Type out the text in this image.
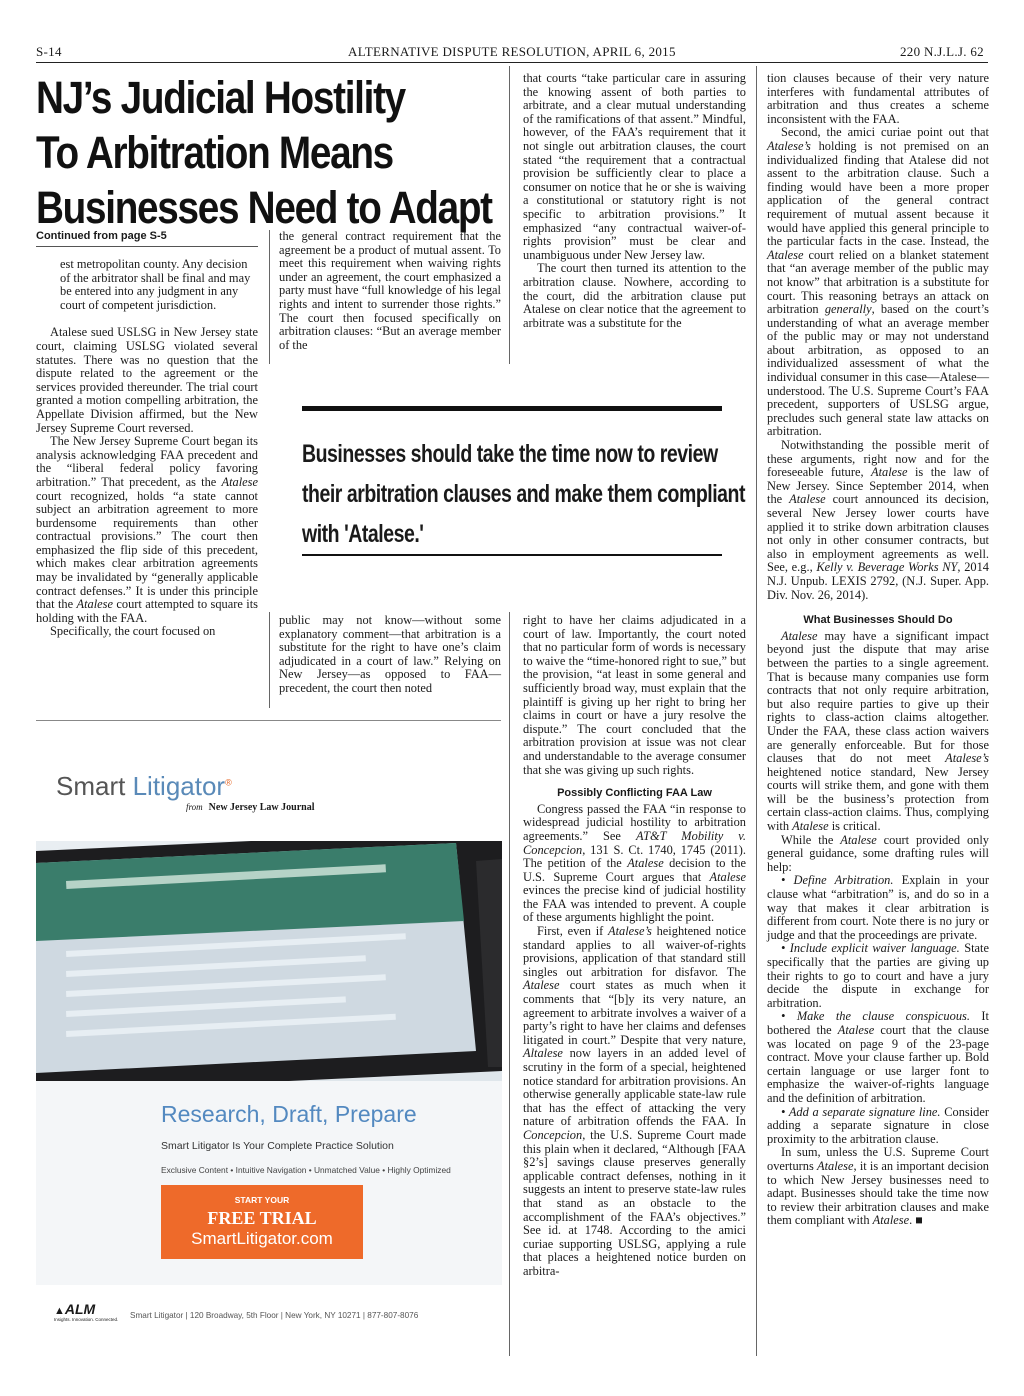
S-14	ALTERNATIVE DISPUTE RESOLUTION, APRIL 6, 2015	220 N.J.L.J. 62
NJ’s Judicial Hostility
To Arbitration Means
Businesses Need to Adapt
Continued from page S-5

est metropolitan county. Any decision of the arbitrator shall be final and may be entered into any judgment in any court of competent jurisdiction.

Atalese sued USLSG in New Jersey state court, claiming USLSG violated several statutes. There was no question that the dispute related to the agreement or the services provided thereunder. The trial court granted a motion compelling arbitration, the Appellate Division affirmed, but the New Jersey Supreme Court reversed.

The New Jersey Supreme Court began its analysis acknowledging FAA precedent and the “liberal federal policy favoring arbitration.” That precedent, as the Atalese court recognized, holds “a state cannot subject an arbitration agreement to more burdensome requirements than other contractual provisions.” The court then emphasized the flip side of this precedent, which makes clear arbitration agreements may be invalidated by “generally applicable contract defenses.” It is under this principle that the Atalese court attempted to square its holding with the FAA.

Specifically, the court focused on

the general contract requirement that the agreement be a product of mutual assent. To meet this requirement when waiving rights under an agreement, the court emphasized a party must have “full knowledge of his legal rights and intent to surrender those rights.” The court then focused specifically on arbitration clauses: “But an average member of the
public may not know—without some explanatory comment—that arbitration is a substitute for the right to have one’s claim adjudicated in a court of law.” Relying on New Jersey—as opposed to FAA—precedent, the court then noted

that courts “take particular care in assuring the knowing assent of both parties to arbitrate, and a clear mutual understanding of the ramifications of that assent.” Mindful, however, of the FAA’s requirement that it not single out arbitration clauses, the court stated “the requirement that a contractual provision be sufficiently clear to place a consumer on notice that he or she is waiving a constitutional or statutory right is not specific to arbitration provisions.” It emphasized “any contractual waiver-of-rights provision” must be clear and unambiguous under New Jersey law.

The court then turned its attention to the arbitration clause. Nowhere, according to the court, did the arbitration clause put Atalese on clear notice that the agreement to arbitrate was a substitute for the

right to have her claims adjudicated in a court of law. Importantly, the court noted that no particular form of words is necessary to waive the “time-honored right to sue,” but the provision, “at least in some general and sufficiently broad way, must explain that the plaintiff is giving up her right to bring her claims in court or have a jury resolve the dispute.” The court concluded that the arbitration provision at issue was not clear and understandable to the average consumer that she was giving up such rights.

Possibly Conflicting FAA Law

Congress passed the FAA “in response to widespread judicial hostility to arbitration agreements.” See AT&T Mobility v. Concepcion, 131 S. Ct. 1740, 1745 (2011). The petition of the Atalese decision to the U.S. Supreme Court argues that Atalese evinces the precise kind of judicial hostility the FAA was intended to prevent. A couple of these arguments highlight the point.

First, even if Atalese’s heightened notice standard applies to all waiver-of-rights provisions, application of that standard still singles out arbitration for disfavor. The Atalese court states as much when it comments that “[b]y its very nature, an agreement to arbitrate involves a waiver of a party’s right to have her claims and defenses litigated in court.” Despite that very nature, Altalese now layers in an added level of scrutiny in the form of a special, heightened notice standard for arbitration provisions. An otherwise generally applicable state-law rule that has the effect of attacking the very nature of arbitration offends the FAA. In Concepcion, the U.S. Supreme Court made this plain when it declared, “Although [FAA §2’s] savings clause preserves generally applicable contract defenses, nothing in it suggests an intent to preserve state-law rules that stand as an obstacle to the accomplishment of the FAA’s objectives.” See id. at 1748. According to the amici curiae supporting USLSG, applying a rule that places a heightened notice burden on arbitra-

Businesses should take the time now to review
their arbitration clauses and make them compliant
with 'Atalese.'

tion clauses because of their very nature interferes with fundamental attributes of arbitration and thus creates a scheme inconsistent with the FAA.

Second, the amici curiae point out that Atalese’s holding is not premised on an individualized finding that Atalese did not assent to the arbitration clause. Such a finding would have been a more proper application of the general contract requirement of mutual assent because it would have applied this general principle to the particular facts in the case. Instead, the Atalese court relied on a blanket statement that “an average member of the public may not know” that arbitration is a substitute for court. This reasoning betrays an attack on arbitration generally, based on the court’s understanding of what an average member of the public may or may not understand about arbitration, as opposed to an individualized assessment of what the individual consumer in this case—Atalese—understood. The U.S. Supreme Court’s FAA precedent, supporters of USLSG argue, precludes such general state law attacks on arbitration.

Notwithstanding the possible merit of these arguments, right now and for the foreseeable future, Atalese is the law of New Jersey. Since September 2014, when the Atalese court announced its decision, several New Jersey lower courts have applied it to strike down arbitration clauses not only in other consumer contracts, but also in employment agreements as well. See, e.g., Kelly v. Beverage Works NY, 2014 N.J. Unpub. LEXIS 2792, (N.J. Super. App. Div. Nov. 26, 2014).

What Businesses Should Do

Atalese may have a significant impact beyond just the dispute that may arise between the parties to a single agreement. That is because many companies use form contracts that not only require arbitration, but also require parties to give up their rights to class-action claims altogether. Under the FAA, these class action waivers are generally enforceable. But for those clauses that do not meet Atalese’s heightened notice standard, New Jersey courts will strike them, and gone with them will be the business’s protection from certain class-action claims. Thus, complying with Atalese is critical.

While the Atalese court provided only general guidance, some drafting rules will help:

• Define Arbitration. Explain in your clause what “arbitration” is, and do so in a way that makes it clear arbitration is different from court. Note there is no jury or judge and that the proceedings are private.

• Include explicit waiver language. State specifically that the parties are giving up their rights to go to court and have a jury decide the dispute in exchange for arbitration.

• Make the clause conspicuous. It bothered the Atalese court that the clause was located on page 9 of the 23-page contract. Move your clause farther up. Bold certain language or use larger font to emphasize the waiver-of-rights language and the definition of arbitration.

• Add a separate signature line. Consider adding a separate signature in close proximity to the arbitration clause.

In sum, unless the U.S. Supreme Court overturns Atalese, it is an important decision to which New Jersey businesses need to adapt. Businesses should take the time now to review their arbitration clauses and make them compliant with Atalese. ■

Smart Litigator®
from New Jersey Law Journal
Research, Draft, Prepare
Smart Litigator Is Your Complete Practice Solution
Exclusive Content • Intuitive Navigation • Unmatched Value • Highly Optimized
START YOUR
FREE TRIAL
SmartLitigator.com
▲ALM
Insights. Innovation. Connected. Smart Litigator | 120 Broadway, 5th Floor | New York, NY 10271 | 877-807-8076
